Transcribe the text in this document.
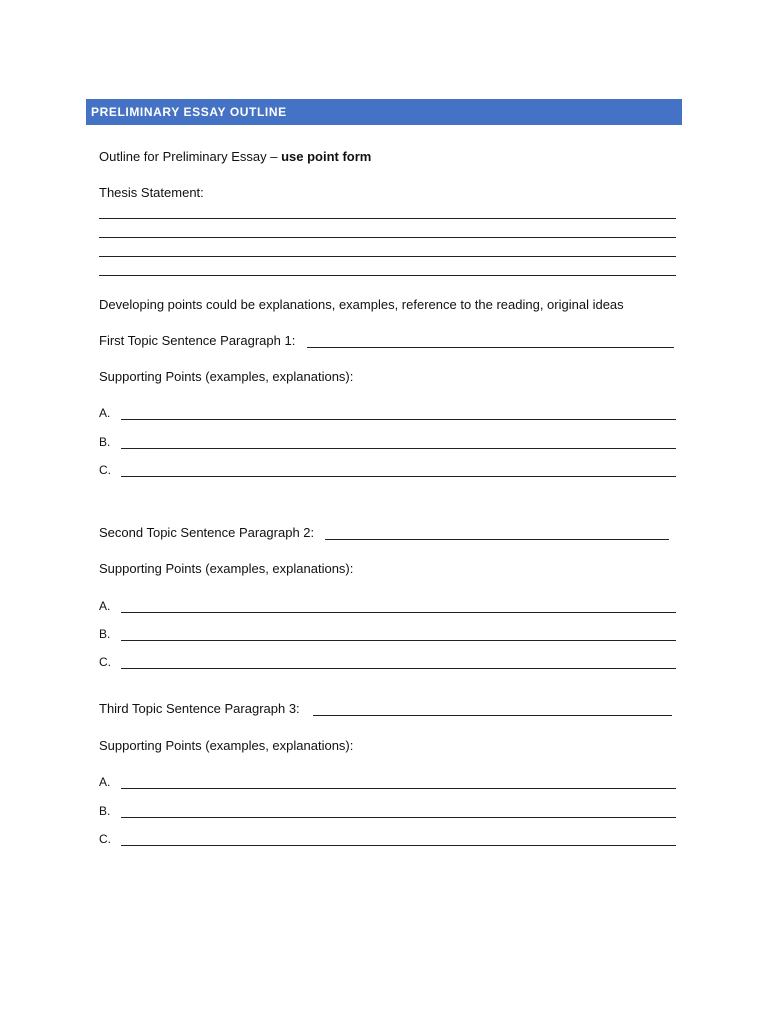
PRELIMINARY ESSAY OUTLINE
Outline for Preliminary Essay – use point form
Thesis Statement:
Developing points could be explanations, examples, reference to the reading, original ideas
First Topic Sentence Paragraph 1:
Supporting Points (examples, explanations):
A.
B.
C.
Second Topic Sentence Paragraph 2:
Supporting Points (examples, explanations):
A.
B.
C.
Third Topic Sentence Paragraph 3:
Supporting Points (examples, explanations):
A.
B.
C.
